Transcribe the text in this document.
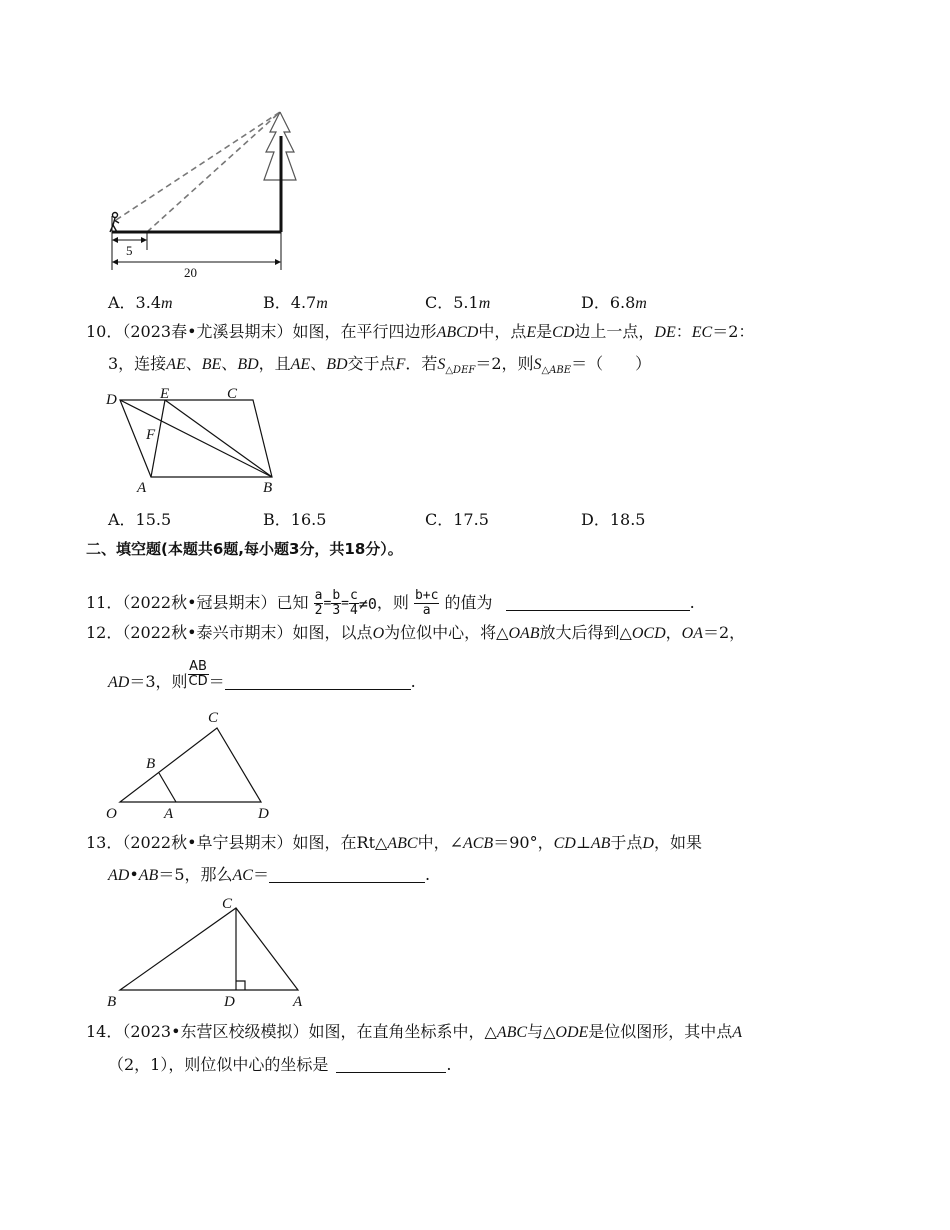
5
20
A．3.4m	B．4.7m	C．5.1m	D．6.8m
10．（2023春•尤溪县期末）如图，在平行四边形ABCD中，点E是CD边上一点，DE：EC＝2：
3，连接AE、BE、BD，且AE、BD交于点F．若$S_{\triangle DEF}=2$，则$S_{\triangle ABE}=$（　　）
D	E	C
F
A	B
A．15.5	B．16.5	C．17.5	D．18.5
二、填空题(本题共6题,每小题3分，共18分）。
11．（2022秋•冠县期末）已知 $\frac{a}{2} = \frac{b}{3} = \frac{c}{4} \ne 0$，则 $\frac{b+c}{a}$ 的值为	.
12．（2022秋•泰兴市期末）如图，以点O为位似中心，将△OAB放大后得到△OCD，OA＝2，
AD＝3，则 $\frac{AB}{CD}$ ＝	.
C
B
O	A	D
13．（2022秋•阜宁县期末）如图，在Rt△ABC中，∠ACB＝90°，CD⊥AB于点D，如果
AD•AB＝5，那么AC＝	.
C
B	D	A
14．（2023•东营区校级模拟）如图，在直角坐标系中，△ABC与△ODE是位似图形，其中点A
（2，1），则位似中心的坐标是	.
